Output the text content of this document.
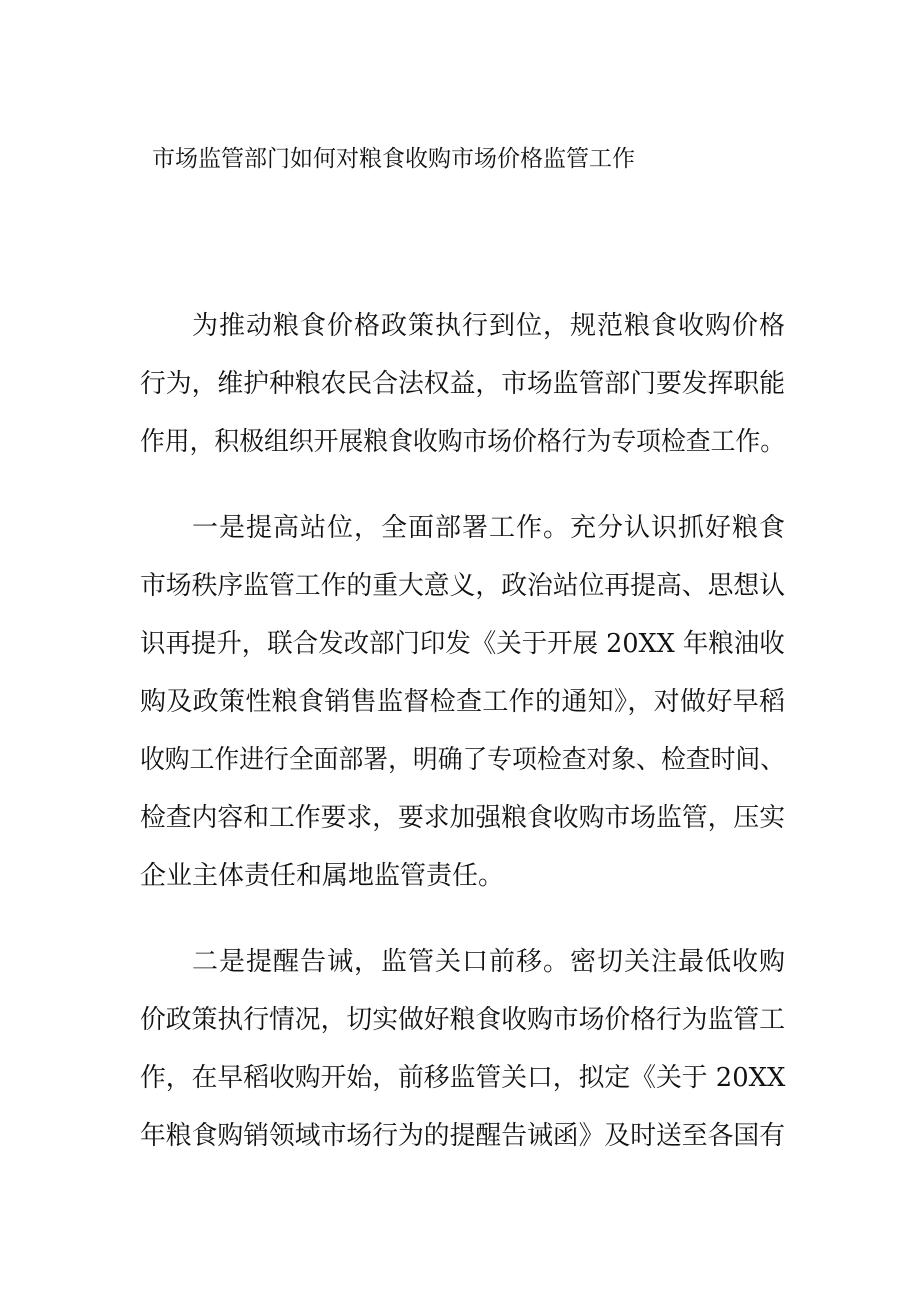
市场监管部门如何对粮食收购市场价格监管工作
为推动粮食价格政策执行到位，规范粮食收购价格
行为，维护种粮农民合法权益，市场监管部门要发挥职能
作用，积极组织开展粮食收购市场价格行为专项检查工作。
一是提高站位，全面部署工作。充分认识抓好粮食
市场秩序监管工作的重大意义，政治站位再提高、思想认
识再提升，联合发改部门印发《关于开展 20XX 年粮油收
购及政策性粮食销售监督检查工作的通知》，对做好早稻
收购工作进行全面部署，明确了专项检查对象、检查时间、
检查内容和工作要求，要求加强粮食收购市场监管，压实
企业主体责任和属地监管责任。
二是提醒告诫，监管关口前移。密切关注最低收购
价政策执行情况，切实做好粮食收购市场价格行为监管工
作，在早稻收购开始，前移监管关口，拟定《关于 20XX
年粮食购销领域市场行为的提醒告诫函》及时送至各国有
